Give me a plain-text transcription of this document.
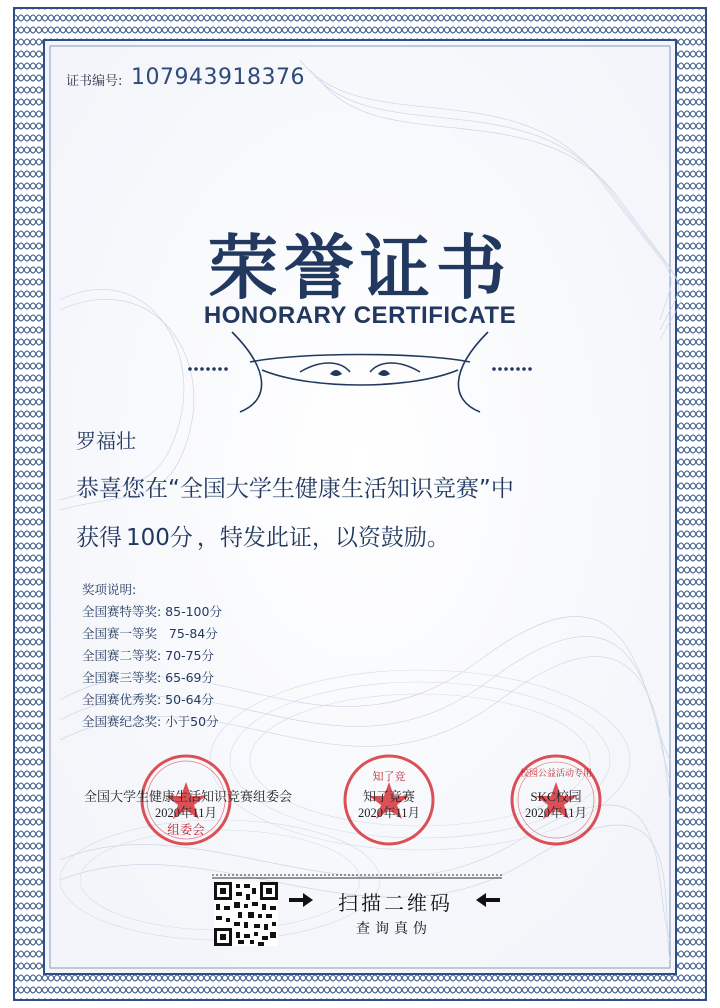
证书编号: 107943918376
荣誉证书
HONORARY CERTIFICATE
罗福壮
恭喜您在“全国大学生健康生活知识竞赛”中
获得 100分 ，特发此证，以资鼓励。
奖项说明:
全国赛特等奖: 85-100分
全国赛一等奖   75-84分
全国赛二等奖: 70-75分
全国赛三等奖: 65-69分
全国赛优秀奖: 50-64分
全国赛纪念奖: 小于50分
全国大学生健康生活知识竞赛组委会
2020年11月
组委会
知了竞赛
2020年11月
知了竞
SKC校园
2020年11月
校园公益活动专用
扫描二维码
查询真伪
